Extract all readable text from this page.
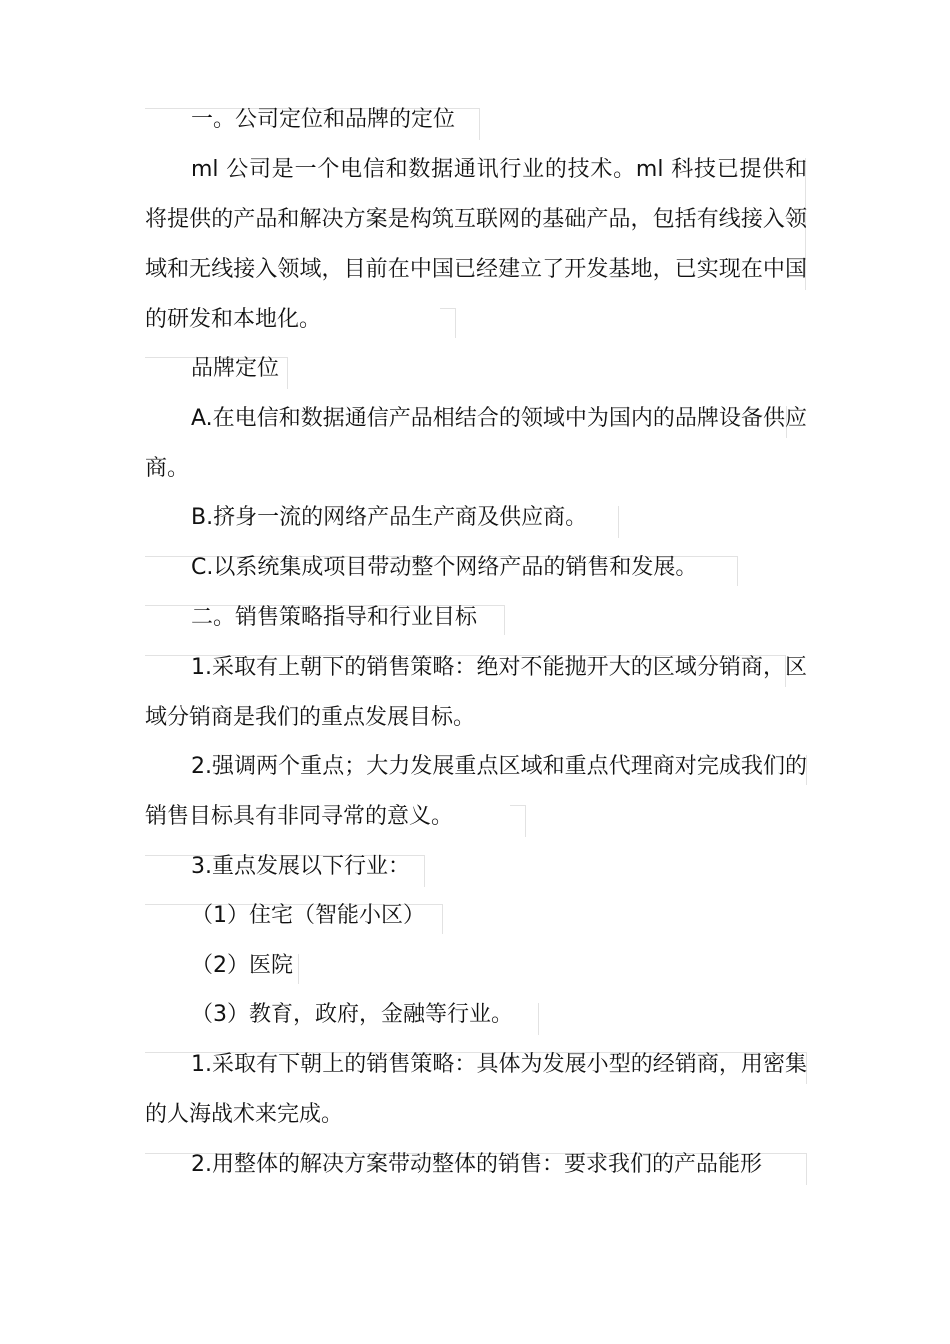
一。公司定位和品牌的定位

ml 公司是一个电信和数据通讯行业的技术。ml 科技已提供和将提供的产品和解决方案是构筑互联网的基础产品，包括有线接入领域和无线接入领域，目前在中国已经建立了开发基地，已实现在中国的研发和本地化。

品牌定位

A.在电信和数据通信产品相结合的领域中为国内的品牌设备供应商。

B.挤身一流的网络产品生产商及供应商。

C.以系统集成项目带动整个网络产品的销售和发展。

二。销售策略指导和行业目标

1.采取有上朝下的销售策略：绝对不能抛开大的区域分销商，区域分销商是我们的重点发展目标。

2.强调两个重点；大力发展重点区域和重点代理商对完成我们的销售目标具有非同寻常的意义。

3.重点发展以下行业：

（1）住宅（智能小区）

（2）医院

（3）教育，政府，金融等行业。

1.采取有下朝上的销售策略：具体为发展小型的经销商，用密集的人海战术来完成。

2.用整体的解决方案带动整体的销售：要求我们的产品能形
